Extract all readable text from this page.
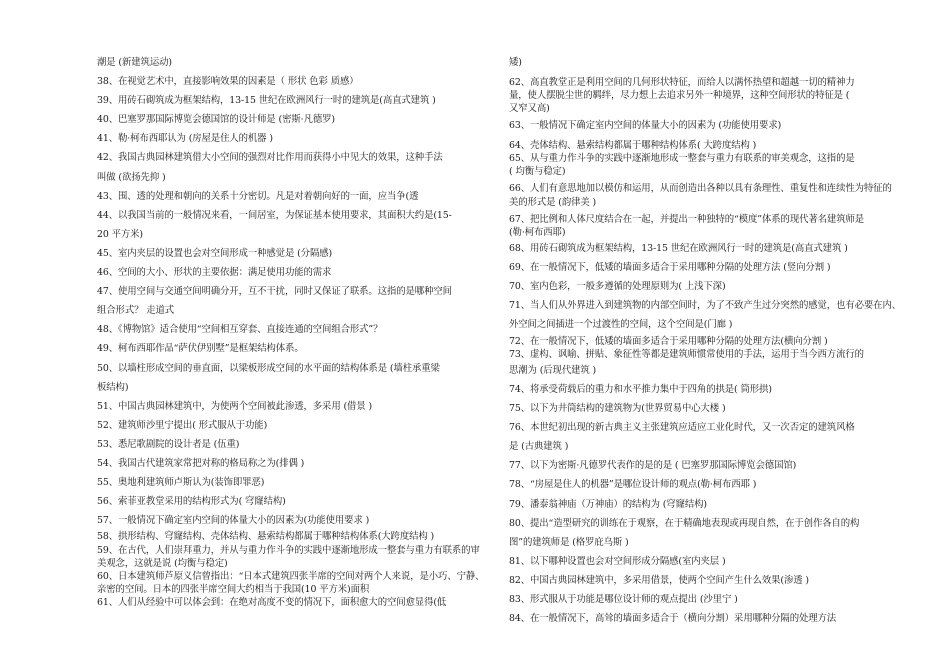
潮是 (新建筑运动)
38、在视觉艺术中，直接影响效果的因素是（ 形状 色彩 质感）
39、用砖石砌筑成为框架结构，13-15 世纪在欧洲风行一时的建筑是(高直式建筑 )
40、巴塞罗那国际博览会德国馆的设计师是 (密斯·凡德罗)
41、勒·柯布西耶认为 (房屋是住人的机器 )
42、我国古典园林建筑借大小空间的强烈对比作用而获得小中见大的效果，这种手法
叫做 (欲扬先抑 )
43、围、透的处理和朝向的关系十分密切。凡是对着朝向好的一面，应当争(透
44、以我国当前的一般情况来看，一间居室，为保证基本使用要求，其面积大约是(15-
20 平方米)
45、室内夹层的设置也会对空间形成一种感觉是 (分隔感)
46、空间的大小、形状的主要依据：满足使用功能的需求
47、使用空间与交通空间明确分开，互不干扰，同时又保证了联系。这指的是哪种空间
组合形式？ 走道式
48、《博物馆》适合使用“空间相互穿套、直接连通的空间组合形式”？
49、柯布西耶作品“萨伏伊别墅”是框架结构体系。
50、以墙柱形成空间的垂直面，以梁板形成空间的水平面的结构体系是 (墙柱承重梁
板结构)
51、中国古典园林建筑中，为使两个空间被此渗透，多采用 (借景 )
52、建筑师沙里宁提出( 形式服从于功能)
53、悉尼歌剧院的设计者是 (伍重)
54、我国古代建筑家常把对称的格局称之为(排偶 )
55、奥地利建筑师卢斯认为(装饰即罪恶)
56、索菲亚教堂采用的结构形式为( 穹窿结构)
57、一般情况下确定室内空间的体量大小的因素为(功能使用要求 )
58、拱形结构、穹窿结构、壳体结构、悬索结构都属于哪种结构体系(大跨度结构 )
59、在古代，人们崇拜重力，并从与重力作斗争的实践中逐渐地形成一整套与重力有联系的审
美观念，这就是说 (均衡与稳定)
60、日本建筑师芦原义信曾指出：“日本式建筑四张半席的空间对两个人来说，是小巧、宁静、
亲密的空间。日本的四张半席空间大约相当于我国(10 平方米)面积
61、人们从经验中可以体会到：在绝对高度不变的情况下，面积愈大的空间愈显得(低
矮)
62、高直教堂正是利用空间的几何形状特征，而给人以满怀热望和超越一切的精神力
量，使人摆脱尘世的羁绊，尽力想上去追求另外一种境界，这种空间形状的特征是 (
又窄又高)
63、一般情况下确定室内空间的体量大小的因素为 (功能使用要求)
64、壳体结构、悬索结构都属于哪种结构体系( 大跨度结构 )
65、从与重力作斗争的实践中逐渐地形成一整套与重力有联系的审美观念，这指的是
( 均衡与稳定)
66、人们有意思地加以模仿和运用，从而创造出各种以具有条理性、重复性和连续性为特征的
美的形式是 (韵律美 )
67、把比例和人体尺度结合在一起，并提出一种独特的“模度”体系的现代著名建筑师是
(勒·柯布西耶)
68、用砖石砌筑成为框架结构，13-15 世纪在欧洲风行一时的建筑是(高直式建筑 )
69、在一般情况下，低矮的墙面多适合于采用哪种分隔的处理方法 (竖向分割 )
70、室内色彩，一般多遵循的处理原则为( 上浅下深)
71、当人们从外界进入到建筑物的内部空间时，为了不致产生过分突然的感觉，也有必要在内、
外空间之间插进一个过渡性的空间，这个空间是(门廊 )
72、在一般情况下，低矮的墙面多适合于采用哪种分隔的处理方法(横向分割 )
73、虚构、讽喻、拼贴、象征性等都是建筑师惯常使用的手法，运用于当今西方流行的
思潮为 (后现代建筑 )
74、将承受荷载后的重力和水平推力集中于四角的拱是( 筒形拱)
75、以下为井筒结构的建筑物为(世界贸易中心大楼 )
76、本世纪初出现的新古典主义主张建筑应适应工业化时代，又一次否定的建筑风格
是 (古典建筑 )
77、以下为密斯·凡德罗代表作的是的是 ( 巴塞罗那国际博览会德国馆)
78、“房屋是住人的机器”是哪位设计师的观点(勒·柯布西耶 )
79、潘泰翁神庙（万神庙）的结构为 (穹窿结构)
80、提出“造型研究的训练在于观察，在于精确地表现或再现自然，在于创作各自的构
图”的建筑师是 (格罗庇乌斯 )
81、以下哪种设置也会对空间形成分隔感(室内夹层 )
82、中国古典园林建筑中，多采用借景，使两个空间产生什么效果(渗透 )
83、形式服从于功能是哪位设计师的观点提出 (沙里宁 )
84、在一般情况下，高耸的墙面多适合于（横向分割）采用哪种分隔的处理方法
